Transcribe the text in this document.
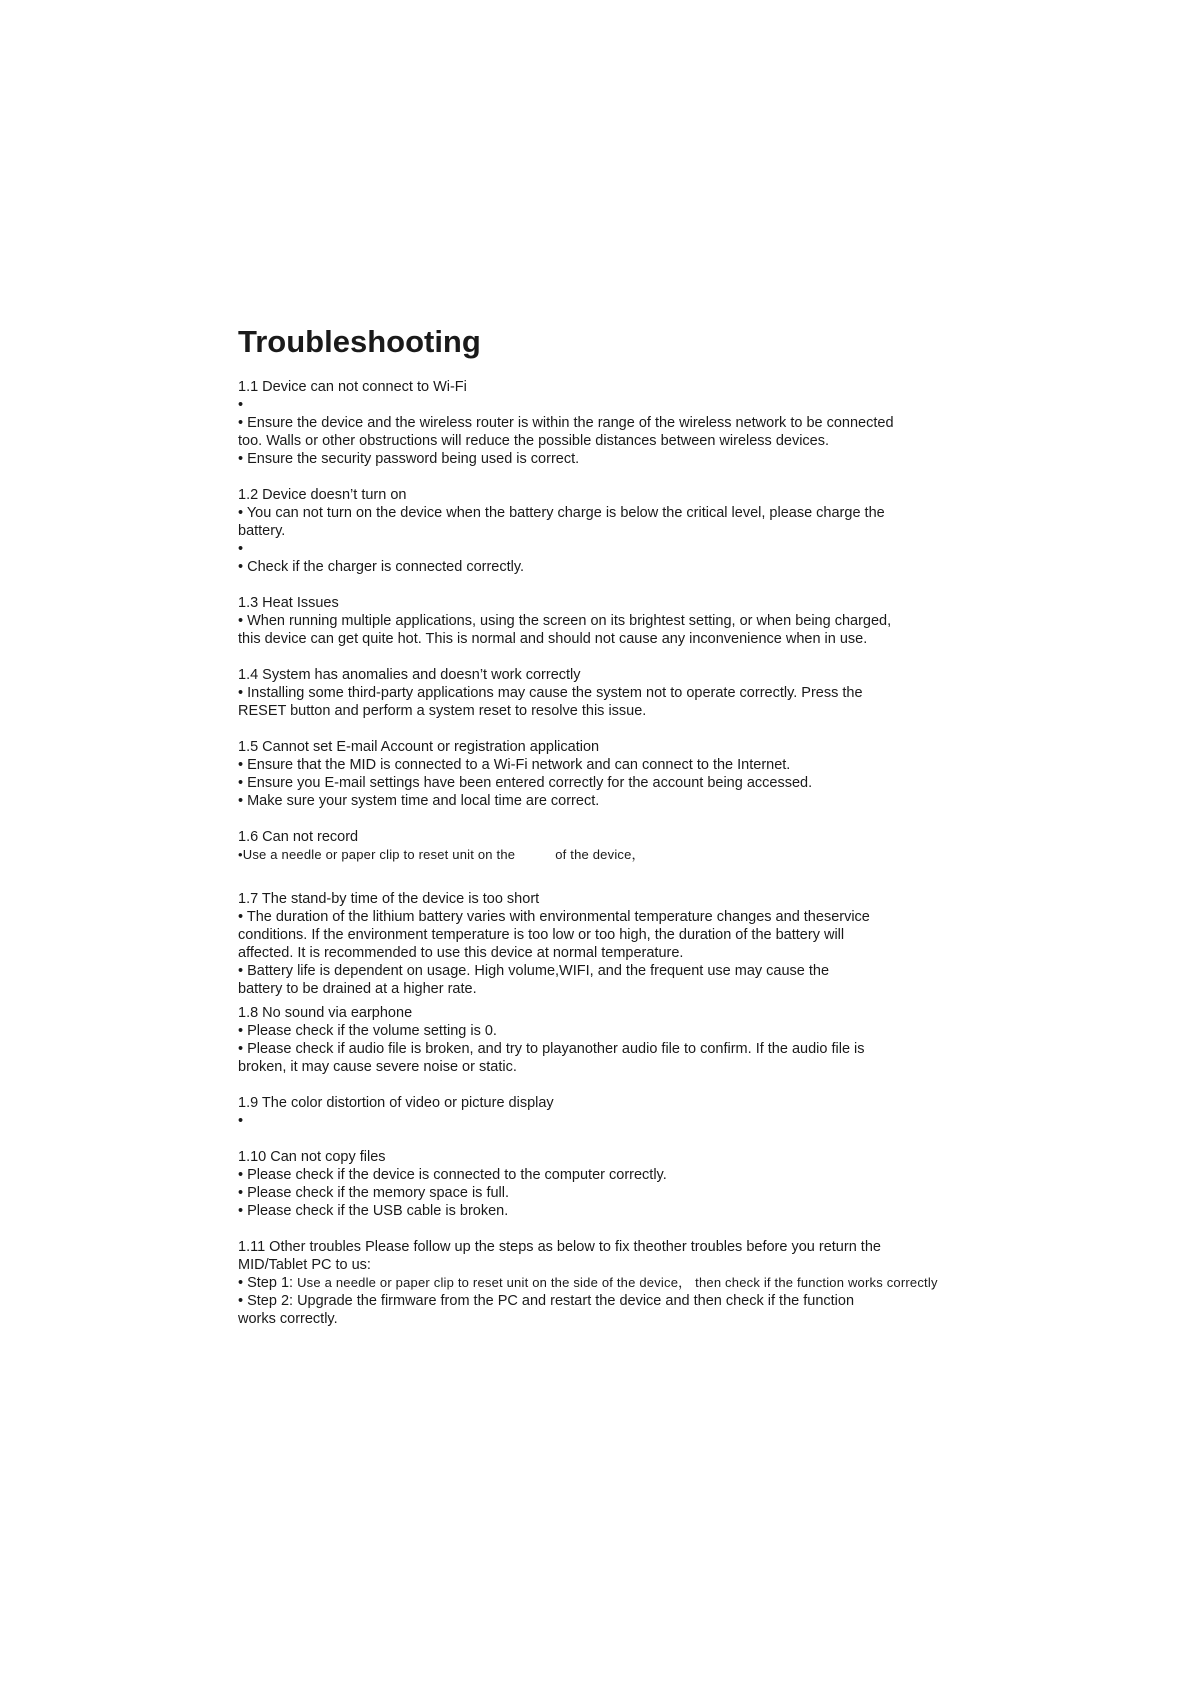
Troubleshooting
1.1 Device can not connect to Wi-Fi
•
• Ensure the device and the wireless router is within the range of the wireless network to be connected
too. Walls or other obstructions will reduce the possible distances between wireless devices.
• Ensure the security password being used is correct.
1.2 Device doesn’t turn on
• You can not turn on the device when the battery charge is below the critical level, please charge the
battery.
•
• Check if the charger is connected correctly.
1.3 Heat Issues
• When running multiple applications, using the screen on its brightest setting, or when being charged,
this device can get quite hot. This is normal and should not cause any inconvenience when in use.
1.4 System has anomalies and doesn’t work correctly
• Installing some third-party applications may cause the system not to operate correctly. Press the
RESET button and perform a system reset to resolve this issue.
1.5 Cannot set E-mail Account or registration application
• Ensure that the MID is connected to a Wi-Fi network and can connect to the Internet.
• Ensure you E-mail settings have been entered correctly for the account being accessed.
• Make sure your system time and local time are correct.
1.6 Can not record
•Use a needle or paper clip to reset unit on the	of the device，
1.7 The stand-by time of the device is too short
• The duration of the lithium battery varies with environmental temperature changes and theservice
conditions. If the environment temperature is too low or too high, the duration of the battery will
affected. It is recommended to use this device at normal temperature.
• Battery life is dependent on usage. High volume,WIFI, and the frequent use may cause the
battery to be drained at a higher rate.
1.8 No sound via earphone
• Please check if the volume setting is 0.
• Please check if audio file is broken, and try to playanother audio file to confirm. If the audio file is
broken, it may cause severe noise or static.
1.9 The color distortion of video or picture display
•
1.10 Can not copy files
• Please check if the device is connected to the computer correctly.
• Please check if the memory space is full.
• Please check if the USB cable is broken.
1.11 Other troubles Please follow up the steps as below to fix theother troubles before you return the
MID/Tablet PC to us:
• Step 1: Use a needle or paper clip to reset unit on the side of the device， then check if the function works correctly
• Step 2: Upgrade the firmware from the PC and restart the device and then check if the function
works correctly.
